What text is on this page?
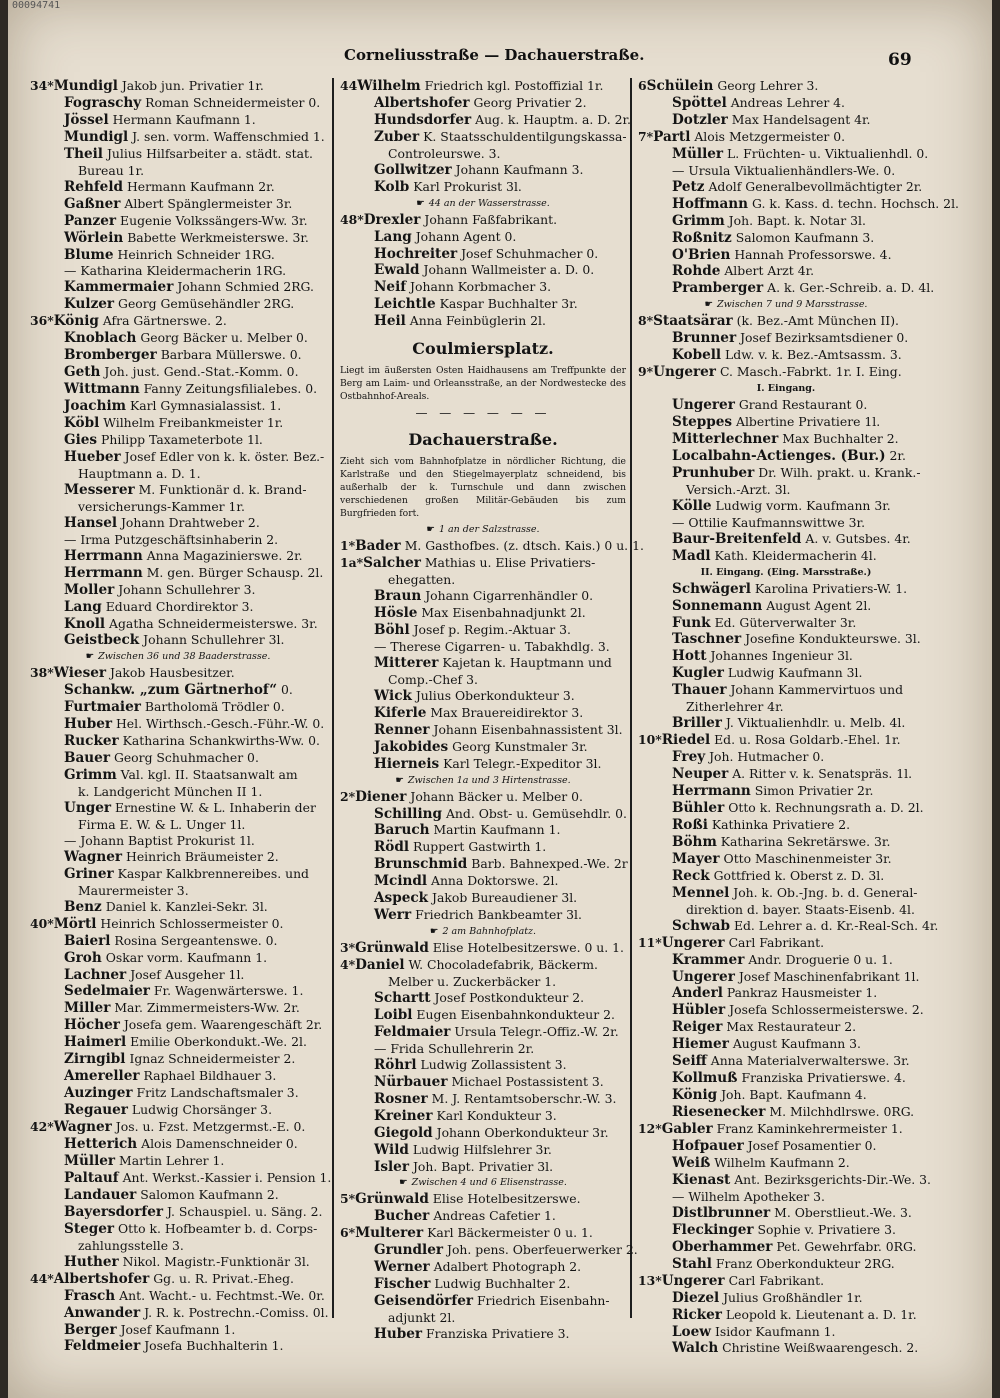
00094741
Corneliusstraße — Dachauerstraße.	69
34*Mundigl Jakob jun. Privatier 1r.
Fograschy Roman Schneidermeister 0.
Jössel Hermann Kaufmann 1.
Mundigl J. sen. vorm. Waffenschmied 1.
Theil Julius Hilfsarbeiter a. städt. stat.
Bureau 1r.
Rehfeld Hermann Kaufmann 2r.
Gaßner Albert Spänglermeister 3r.
Panzer Eugenie Volkssängers-Ww. 3r.
Wörlein Babette Werkmeisterswe. 3r.
Blume Heinrich Schneider 1RG.
— Katharina Kleidermacherin 1RG.
Kammermaier Johann Schmied 2RG.
Kulzer Georg Gemüsehändler 2RG.
36*König Afra Gärtnerswe. 2.
Knoblach Georg Bäcker u. Melber 0.
Bromberger Barbara Müllerswe. 0.
Geth Joh. just. Gend.-Stat.-Komm. 0.
Wittmann Fanny Zeitungsfilialebes. 0.
Joachim Karl Gymnasialassist. 1.
Köbl Wilhelm Freibankmeister 1r.
Gies Philipp Taxameterbote 1l.
Hueber Josef Edler von k. k. öster. Bez.-
Hauptmann a. D. 1.
Messerer M. Funktionär d. k. Brand-
versicherungs-Kammer 1r.
Hansel Johann Drahtweber 2.
— Irma Putzgeschäftsinhaberin 2.
Herrmann Anna Magazinierswe. 2r.
Herrmann M. gen. Bürger Schausp. 2l.
Moller Johann Schullehrer 3.
Lang Eduard Chordirektor 3.
Knoll Agatha Schneidermeisterswe. 3r.
Geistbeck Johann Schullehrer 3l.
☛ Zwischen 36 und 38 Baaderstrasse.
38*Wieser Jakob Hausbesitzer.
Schankw. „zum Gärtnerhof“ 0.
Furtmaier Bartholomä Trödler 0.
Huber Hel. Wirthsch.-Gesch.-Führ.-W. 0.
Rucker Katharina Schankwirths-Ww. 0.
Bauer Georg Schuhmacher 0.
Grimm Val. kgl. II. Staatsanwalt am
k. Landgericht München II 1.
Unger Ernestine W. & L. Inhaberin der
Firma E. W. & L. Unger 1l.
— Johann Baptist Prokurist 1l.
Wagner Heinrich Bräumeister 2.
Griner Kaspar Kalkbrennereibes. und
Maurermeister 3.
Benz Daniel k. Kanzlei-Sekr. 3l.
40*Mörtl Heinrich Schlossermeister 0.
Baierl Rosina Sergeantenswe. 0.
Groh Oskar vorm. Kaufmann 1.
Lachner Josef Ausgeher 1l.
Sedelmaier Fr. Wagenwärterswe. 1.
Miller Mar. Zimmermeisters-Ww. 2r.
Höcher Josefa gem. Waarengeschäft 2r.
Haimerl Emilie Oberkondukt.-We. 2l.
Zirngibl Ignaz Schneidermeister 2.
Amereller Raphael Bildhauer 3.
Auzinger Fritz Landschaftsmaler 3.
Regauer Ludwig Chorsänger 3.
42*Wagner Jos. u. Fzst. Metzgermst.-E. 0.
Hetterich Alois Damenschneider 0.
Müller Martin Lehrer 1.
Paltauf Ant. Werkst.-Kassier i. Pension 1.
Landauer Salomon Kaufmann 2.
Bayersdorfer J. Schauspiel. u. Säng. 2.
Steger Otto k. Hofbeamter b. d. Corps-
zahlungsstelle 3.
Huther Nikol. Magistr.-Funktionär 3l.
44*Albertshofer Gg. u. R. Privat.-Eheg.
Frasch Ant. Wacht.- u. Fechtmst.-We. 0r.
Anwander J. R. k. Postrechn.-Comiss. 0l.
Berger Josef Kaufmann 1.
Feldmeier Josefa Buchhalterin 1.
44Wilhelm Friedrich kgl. Postoffizial 1r.
Albertshofer Georg Privatier 2.
Hundsdorfer Aug. k. Hauptm. a. D. 2r.
Zuber K. Staatsschuldentilgungskassa-
Controleurswe. 3.
Gollwitzer Johann Kaufmann 3.
Kolb Karl Prokurist 3l.
☛ 44 an der Wasserstrasse.
48*Drexler Johann Faßfabrikant.
Lang Johann Agent 0.
Hochreiter Josef Schuhmacher 0.
Ewald Johann Wallmeister a. D. 0.
Neif Johann Korbmacher 3.
Leichtle Kaspar Buchhalter 3r.
Heil Anna Feinbüglerin 2l.
Coulmiersplatz.
Liegt im äußersten Osten Haidhausens am Treffpunkte der Berg am Laim- und Orleansstraße, an der Nordwestecke des Ostbahnhof-Areals.
— — — — — —
Dachauerstraße.
Zieht sich vom Bahnhofplatze in nördlicher Richtung, die Karlstraße und den Stiegelmayerplatz schneidend, bis außerhalb der k. Turnschule und dann zwischen verschiedenen großen Militär-Gebäuden bis zum Burgfrieden fort.
☛ 1 an der Salzstrasse.
1*Bader M. Gasthofbes. (z. dtsch. Kais.) 0 u. 1.
1a*Salcher Mathias u. Elise Privatiers-
ehegatten.
Braun Johann Cigarrenhändler 0.
Hösle Max Eisenbahnadjunkt 2l.
Böhl Josef p. Regim.-Aktuar 3.
— Therese Cigarren- u. Tabakhdlg. 3.
Mitterer Kajetan k. Hauptmann und
Comp.-Chef 3.
Wick Julius Oberkondukteur 3.
Kiferle Max Brauereidirektor 3.
Renner Johann Eisenbahnassistent 3l.
Jakobides Georg Kunstmaler 3r.
Hierneis Karl Telegr.-Expeditor 3l.
☛ Zwischen 1a und 3 Hirtenstrasse.
2*Diener Johann Bäcker u. Melber 0.
Schilling And. Obst- u. Gemüsehdlr. 0.
Baruch Martin Kaufmann 1.
Rödl Ruppert Gastwirth 1.
Brunschmid Barb. Bahnexped.-We. 2r
Mcindl Anna Doktorswe. 2l.
Aspeck Jakob Bureaudiener 3l.
Werr Friedrich Bankbeamter 3l.
☛ 2 am Bahnhofplatz.
3*Grünwald Elise Hotelbesitzerswe. 0 u. 1.
4*Daniel W. Chocoladefabrik, Bäckerm.
Melber u. Zuckerbäcker 1.
Schartt Josef Postkondukteur 2.
Loibl Eugen Eisenbahnkondukteur 2.
Feldmaier Ursula Telegr.-Offiz.-W. 2r.
— Frida Schullehrerin 2r.
Röhrl Ludwig Zollassistent 3.
Nürbauer Michael Postassistent 3.
Rosner M. J. Rentamtsoberschr.-W. 3.
Kreiner Karl Kondukteur 3.
Giegold Johann Oberkondukteur 3r.
Wild Ludwig Hilfslehrer 3r.
Isler Joh. Bapt. Privatier 3l.
☛ Zwischen 4 und 6 Elisenstrasse.
5*Grünwald Elise Hotelbesitzerswe.
Bucher Andreas Cafetier 1.
6*Multerer Karl Bäckermeister 0 u. 1.
Grundler Joh. pens. Oberfeuerwerker 2.
Werner Adalbert Photograph 2.
Fischer Ludwig Buchhalter 2.
Geisendörfer Friedrich Eisenbahn-
adjunkt 2l.
Huber Franziska Privatiere 3.
6Schülein Georg Lehrer 3.
Spöttel Andreas Lehrer 4.
Dotzler Max Handelsagent 4r.
7*Partl Alois Metzgermeister 0.
Müller L. Früchten- u. Viktualienhdl. 0.
— Ursula Viktualienhändlers-We. 0.
Petz Adolf Generalbevollmächtigter 2r.
Hoffmann G. k. Kass. d. techn. Hochsch. 2l.
Grimm Joh. Bapt. k. Notar 3l.
Roßnitz Salomon Kaufmann 3.
O'Brien Hannah Professorswe. 4.
Rohde Albert Arzt 4r.
Pramberger A. k. Ger.-Schreib. a. D. 4l.
☛ Zwischen 7 und 9 Marsstrasse.
8*Staatsärar (k. Bez.-Amt München II).
Brunner Josef Bezirksamtsdiener 0.
Kobell Ldw. v. k. Bez.-Amtsassm. 3.
9*Ungerer C. Masch.-Fabrkt. 1r. I. Eing.
I. Eingang.
Ungerer Grand Restaurant 0.
Steppes Albertine Privatiere 1l.
Mitterlechner Max Buchhalter 2.
Localbahn-Actienges. (Bur.) 2r.
Prunhuber Dr. Wilh. prakt. u. Krank.-
Versich.-Arzt. 3l.
Kölle Ludwig vorm. Kaufmann 3r.
— Ottilie Kaufmannswittwe 3r.
Baur-Breitenfeld A. v. Gutsbes. 4r.
Madl Kath. Kleidermacherin 4l.
II. Eingang. (Eing. Marsstraße.)
Schwägerl Karolina Privatiers-W. 1.
Sonnemann August Agent 2l.
Funk Ed. Güterverwalter 3r.
Taschner Josefine Kondukteurswe. 3l.
Hott Johannes Ingenieur 3l.
Kugler Ludwig Kaufmann 3l.
Thauer Johann Kammervirtuos und
Zitherlehrer 4r.
Briller J. Viktualienhdlr. u. Melb. 4l.
10*Riedel Ed. u. Rosa Goldarb.-Ehel. 1r.
Frey Joh. Hutmacher 0.
Neuper A. Ritter v. k. Senatspräs. 1l.
Herrmann Simon Privatier 2r.
Bühler Otto k. Rechnungsrath a. D. 2l.
Roßi Kathinka Privatiere 2.
Böhm Katharina Sekretärswe. 3r.
Mayer Otto Maschinenmeister 3r.
Reck Gottfried k. Oberst z. D. 3l.
Mennel Joh. k. Ob.-Jng. b. d. General-
direktion d. bayer. Staats-Eisenb. 4l.
Schwab Ed. Lehrer a. d. Kr.-Real-Sch. 4r.
11*Ungerer Carl Fabrikant.
Krammer Andr. Droguerie 0 u. 1.
Ungerer Josef Maschinenfabrikant 1l.
Anderl Pankraz Hausmeister 1.
Hübler Josefa Schlossermeisterswe. 2.
Reiger Max Restaurateur 2.
Hiemer August Kaufmann 3.
Seiff Anna Materialverwalterswe. 3r.
Kollmuß Franziska Privatierswe. 4.
König Joh. Bapt. Kaufmann 4.
Riesenecker M. Milchhdlrswe. 0RG.
12*Gabler Franz Kaminkehrermeister 1.
Hofpauer Josef Posamentier 0.
Weiß Wilhelm Kaufmann 2.
Kienast Ant. Bezirksgerichts-Dir.-We. 3.
— Wilhelm Apotheker 3.
Distlbrunner M. Oberstlieut.-We. 3.
Fleckinger Sophie v. Privatiere 3.
Oberhammer Pet. Gewehrfabr. 0RG.
Stahl Franz Oberkondukteur 2RG.
13*Ungerer Carl Fabrikant.
Diezel Julius Großhändler 1r.
Ricker Leopold k. Lieutenant a. D. 1r.
Loew Isidor Kaufmann 1.
Walch Christine Weißwaarengesch. 2.
